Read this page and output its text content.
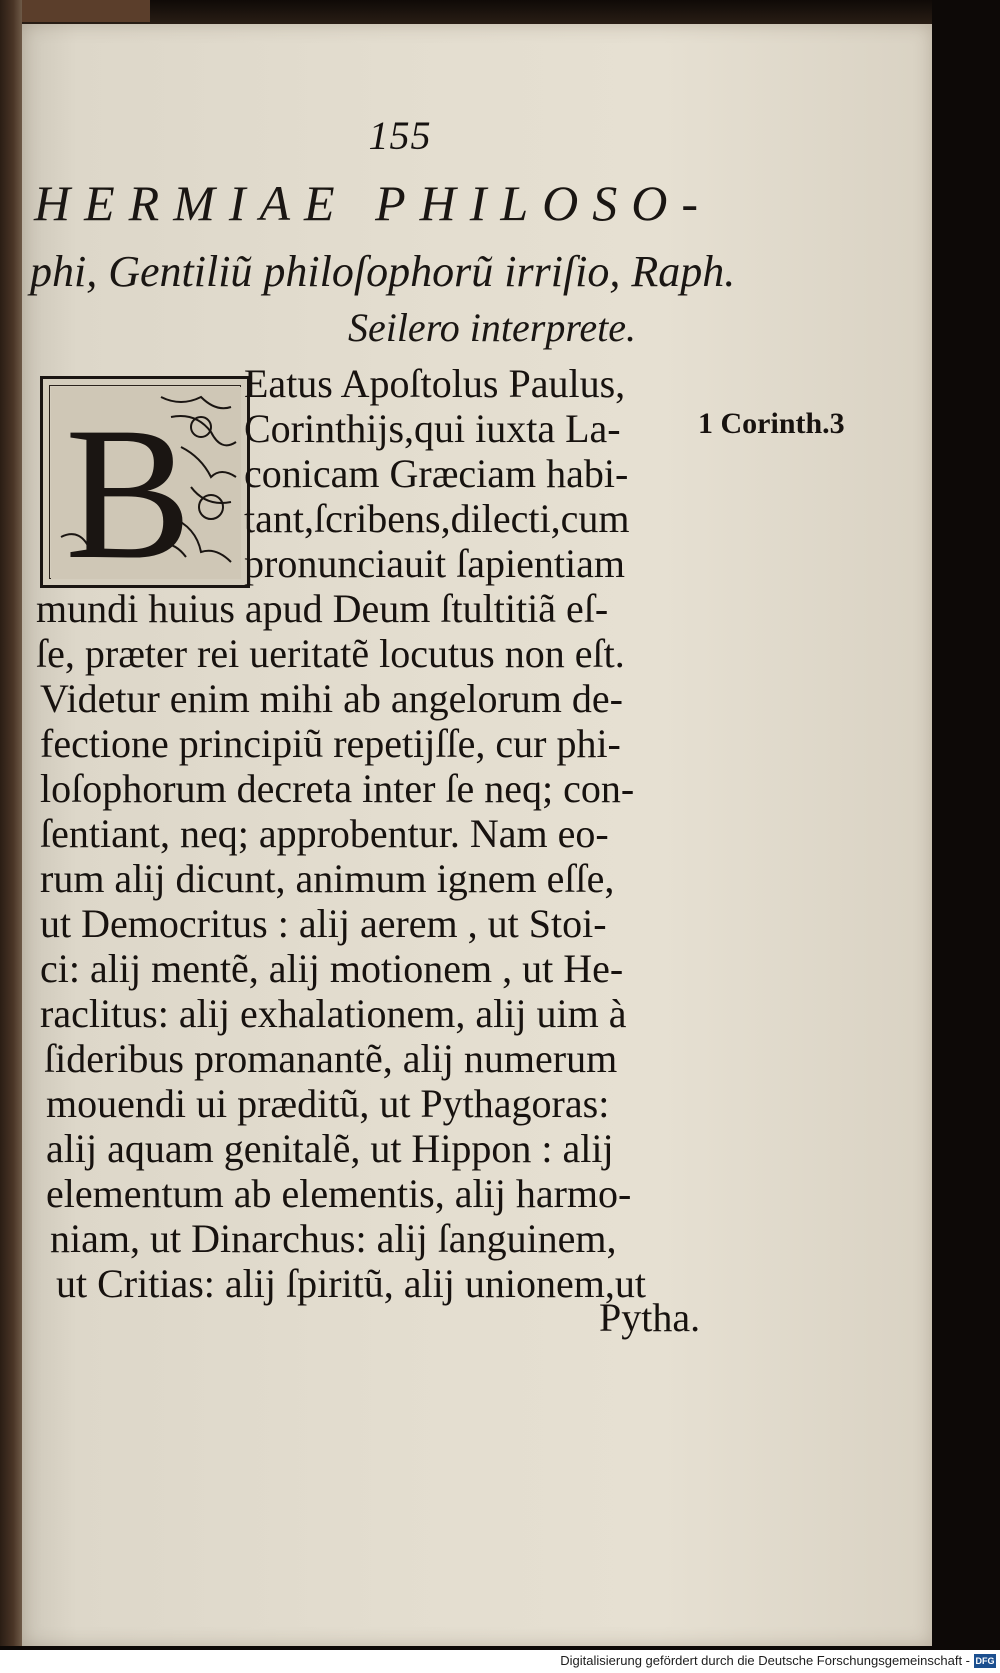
155
HERMIAE PHILOSO-
phi, Gentiliũ philoſophorũ irriſio, Raph.
Seilero interprete.
B
Eatus Apoſtolus Paulus,
Corinthijs,qui iuxta La-
conicam Græciam habi-
tant,ſcribens,dilecti,cum
pronunciauit ſapientiam
mundi huius apud Deum ſtultitiã eſ-
ſe, præter rei ueritatẽ locutus non eſt.
Videtur enim mihi ab angelorum de-
fectione principiũ repetijſſe, cur phi-
loſophorum decreta inter ſe neq; con-
ſentiant, neq; approbentur. Nam eo-
rum alij dicunt, animum ignem eſſe,
ut Democritus : alij aerem , ut Stoi-
ci: alij mentẽ, alij motionem , ut He-
raclitus: alij exhalationem, alij uim à
ſideribus promanantẽ, alij numerum
mouendi ui præditũ, ut Pythagoras:
alij aquam genitalẽ, ut Hippon : alij
elementum ab elementis, alij harmo-
niam, ut Dinarchus: alij ſanguinem,
ut Critias: alij ſpiritũ, alij unionem,ut
1 Corinth.3
Pytha.
Digitalisierung gefördert durch die Deutsche Forschungsgemeinschaft - DFG
